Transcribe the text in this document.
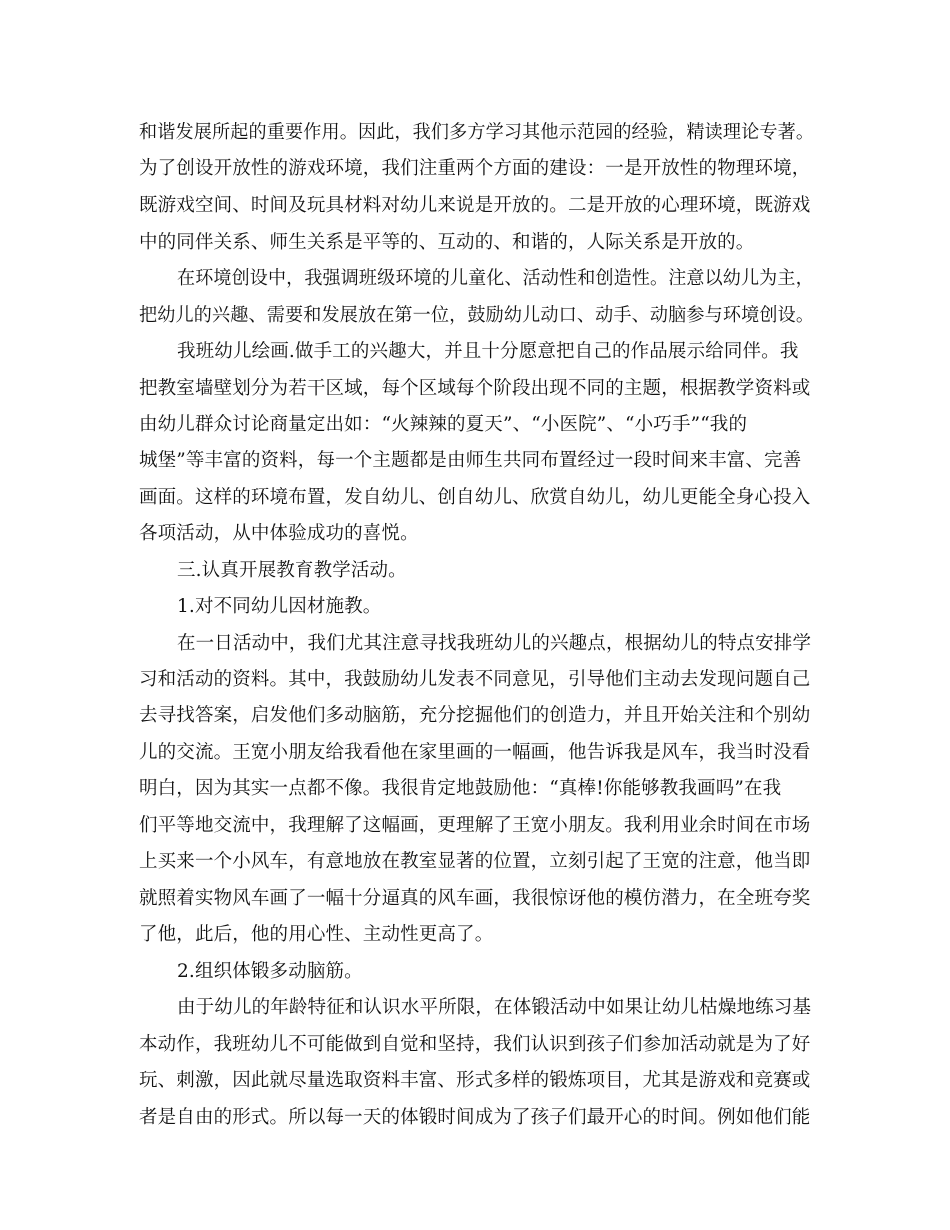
和谐发展所起的重要作用。因此，我们多方学习其他示范园的经验，精读理论专著。
为了创设开放性的游戏环境，我们注重两个方面的建设：一是开放性的物理环境，
既游戏空间、时间及玩具材料对幼儿来说是开放的。二是开放的心理环境，既游戏
中的同伴关系、师生关系是平等的、互动的、和谐的，人际关系是开放的。
在环境创设中，我强调班级环境的儿童化、活动性和创造性。注意以幼儿为主，
把幼儿的兴趣、需要和发展放在第一位，鼓励幼儿动口、动手、动脑参与环境创设。
我班幼儿绘画.做手工的兴趣大，并且十分愿意把自己的作品展示给同伴。我
把教室墙壁划分为若干区域，每个区域每个阶段出现不同的主题，根据教学资料或
由幼儿群众讨论商量定出如：“火辣辣的夏天”、“小医院”、“小巧手”“我的
城堡”等丰富的资料，每一个主题都是由师生共同布置经过一段时间来丰富、完善
画面。这样的环境布置，发自幼儿、创自幼儿、欣赏自幼儿，幼儿更能全身心投入
各项活动，从中体验成功的喜悦。
三.认真开展教育教学活动。
1.对不同幼儿因材施教。
在一日活动中，我们尤其注意寻找我班幼儿的兴趣点，根据幼儿的特点安排学
习和活动的资料。其中，我鼓励幼儿发表不同意见，引导他们主动去发现问题自己
去寻找答案，启发他们多动脑筋，充分挖掘他们的创造力，并且开始关注和个别幼
儿的交流。王宽小朋友给我看他在家里画的一幅画，他告诉我是风车，我当时没看
明白，因为其实一点都不像。我很肯定地鼓励他：“真棒!你能够教我画吗”在我
们平等地交流中，我理解了这幅画，更理解了王宽小朋友。我利用业余时间在市场
上买来一个小风车，有意地放在教室显著的位置，立刻引起了王宽的注意，他当即
就照着实物风车画了一幅十分逼真的风车画，我很惊讶他的模仿潜力，在全班夸奖
了他，此后，他的用心性、主动性更高了。
2.组织体锻多动脑筋。
由于幼儿的年龄特征和认识水平所限，在体锻活动中如果让幼儿枯燥地练习基
本动作，我班幼儿不可能做到自觉和坚持，我们认识到孩子们参加活动就是为了好
玩、刺激，因此就尽量选取资料丰富、形式多样的锻炼项目，尤其是游戏和竞赛或
者是自由的形式。所以每一天的体锻时间成为了孩子们最开心的时间。例如他们能
